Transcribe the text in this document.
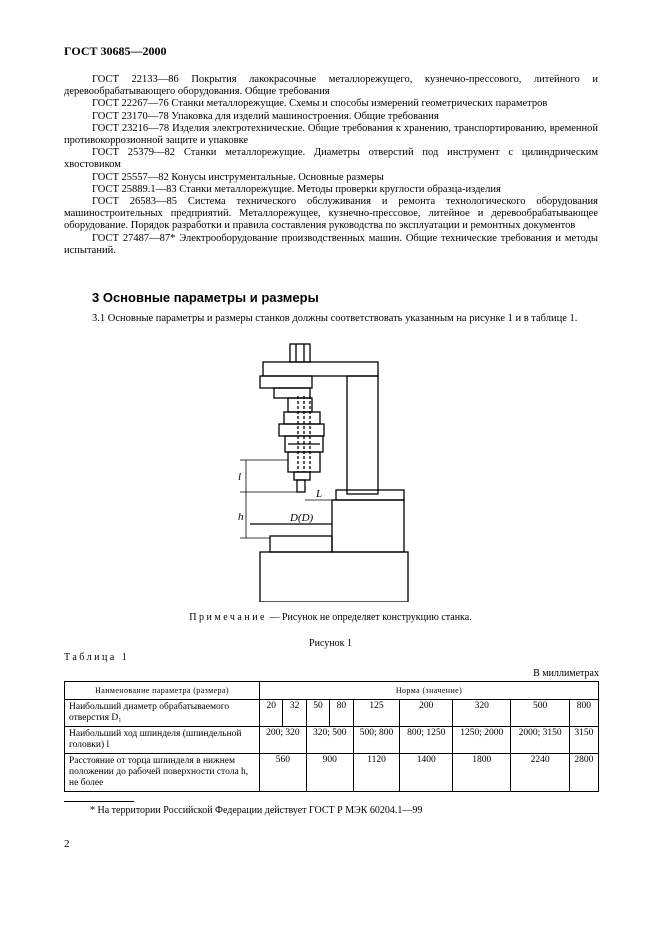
ГОСТ 30685—2000

ГОСТ 22133—86 Покрытия лакокрасочные металлорежущего, кузнечно-прессового, литейного и деревообрабатывающего оборудования. Общие требования

ГОСТ 22267—76 Станки металлорежущие. Схемы и способы измерений геометрических параметров

ГОСТ 23170—78 Упаковка для изделий машиностроения. Общие требования

ГОСТ 23216—78 Изделия электротехнические. Общие требования к хранению, транспортированию, временной противокоррозионной защите и упаковке

ГОСТ 25379—82 Станки металлорежущие. Диаметры отверстий под инструмент с цилиндрическим хвостовиком

ГОСТ 25557—82 Конусы инструментальные. Основные размеры

ГОСТ 25889.1—83 Станки металлорежущие. Методы проверки круглости образца-изделия

ГОСТ 26583—85 Система технического обслуживания и ремонта технологического оборудования машиностроительных предприятий. Металлорежущее, кузнечно-прессовое, литейное и деревообрабатывающее оборудование. Порядок разработки и правила составления руководства по эксплуатации и ремонтных документов

ГОСТ 27487—87* Электрооборудование производственных машин. Общие технические требования и методы испытаний.

3 Основные параметры и размеры

3.1 Основные параметры и размеры станков должны соответствовать указанным на рисунке 1 и в таблице 1.

l
h
L
D(D)
Примечание — Рисунок не определяет конструкцию станка.
Рисунок 1
Таблица 1
В миллиметрах
Наименование параметра (размера)	Норма (значение)								
Наибольший диаметр обрабатываемого отверстия D₁	20	32	50	80	125	200	320	500	800
Наибольший ход шпинделя (шпиндельной головки) l	200; 320		320; 500		500; 800	800; 1250	1250; 2000	2000; 3150	3150
Расстояние от торца шпинделя в нижнем положении до рабочей поверхности стола h, не более	560		900		1120	1400	1800	2240	2800
* На территории Российской Федерации действует ГОСТ Р МЭК 60204.1—99
2
